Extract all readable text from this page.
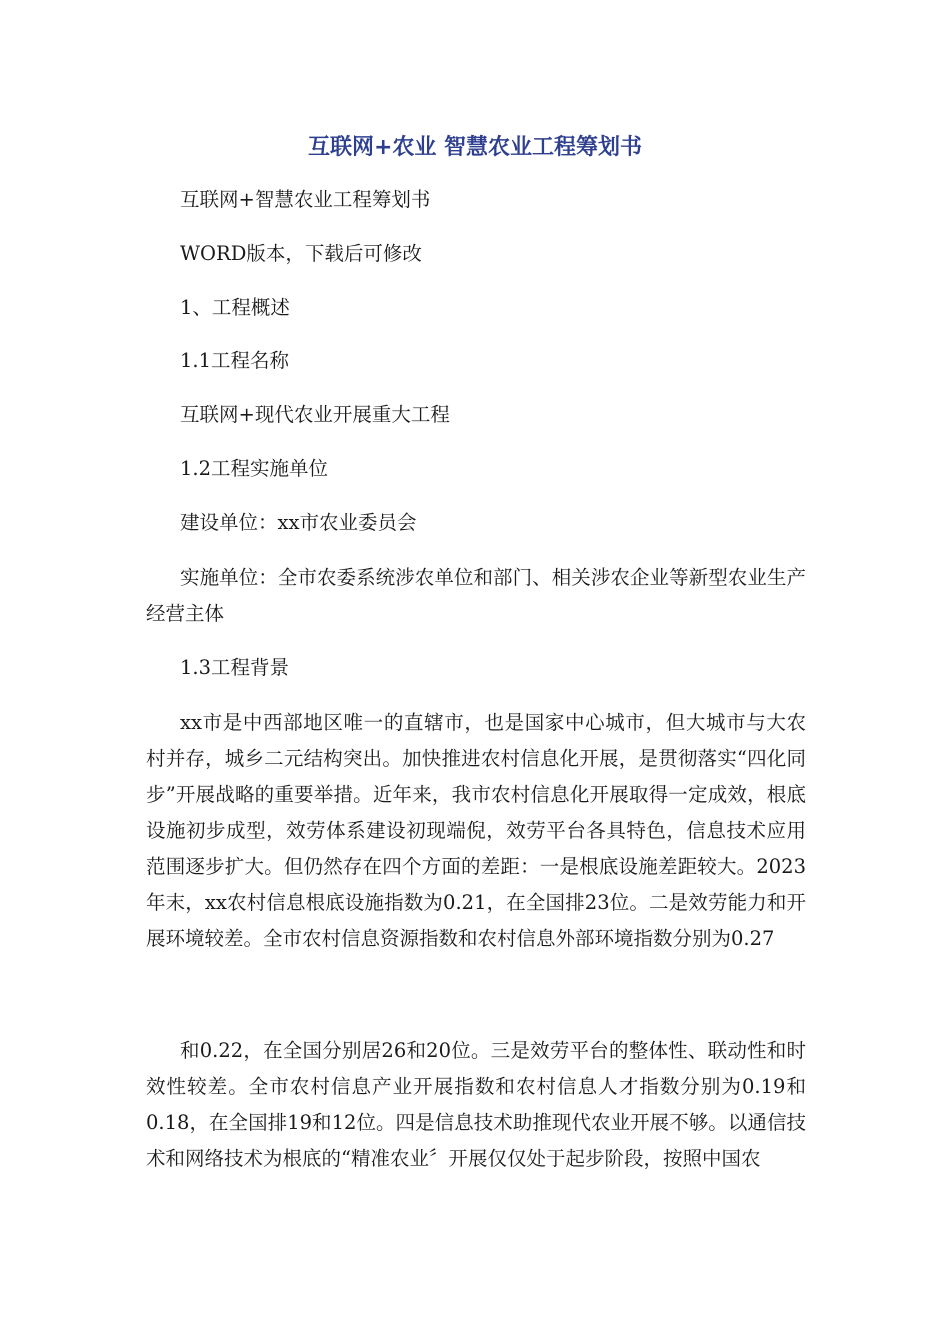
互联网+农业 智慧农业工程筹划书

互联网+智慧农业工程筹划书

WORD版本，下载后可修改

1、工程概述

1.1工程名称

互联网+现代农业开展重大工程

1.2工程实施单位

建设单位：xx市农业委员会

实施单位：全市农委系统涉农单位和部门、相关涉农企业等新型农业生产经营主体

1.3工程背景

xx市是中西部地区唯一的直辖市，也是国家中心城市，但大城市与大农村并存，城乡二元结构突出。加快推进农村信息化开展，是贯彻落实“四化同步”开展战略的重要举措。近年来，我市农村信息化开展取得一定成效，根底设施初步成型，效劳体系建设初现端倪，效劳平台各具特色，信息技术应用范围逐步扩大。但仍然存在四个方面的差距：一是根底设施差距较大。2023年末，xx农村信息根底设施指数为0.21，在全国排23位。二是效劳能力和开展环境较差。全市农村信息资源指数和农村信息外部环境指数分别为0.27

和0.22，在全国分别居26和20位。三是效劳平台的整体性、联动性和时效性较差。全市农村信息产业开展指数和农村信息人才指数分别为0.19和0.18，在全国排19和12位。四是信息技术助推现代农业开展不够。以通信技术和网络技术为根底的“精准农业〞开展仅仅处于起步阶段，按照中国农
